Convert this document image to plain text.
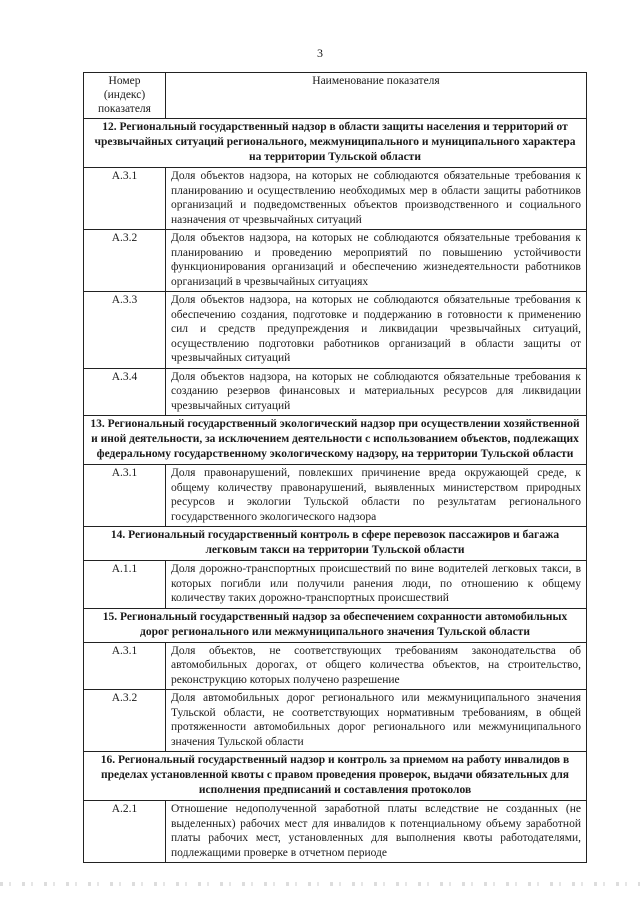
3
Номер (индекс) показателя	Наименование показателя
12. Региональный государственный надзор в области защиты населения и территорий от чрезвычайных ситуаций регионального, межмуниципального и муниципального характера на территории Тульской области	
А.3.1	Доля объектов надзора, на которых не соблюдаются обязательные требования к планированию и осуществлению необходимых мер в области защиты работников организаций и подведомственных объектов производственного и социального назначения от чрезвычайных ситуаций
А.3.2	Доля объектов надзора, на которых не соблюдаются обязательные требования к планированию и проведению мероприятий по повышению устойчивости функционирования организаций и обеспечению жизнедеятельности работников организаций в чрезвычайных ситуациях
А.3.3	Доля объектов надзора, на которых не соблюдаются обязательные требования к обеспечению создания, подготовке и поддержанию в готовности к применению сил и средств предупреждения и ликвидации чрезвычайных ситуаций, осуществлению подготовки работников организаций в области защиты от чрезвычайных ситуаций
А.3.4	Доля объектов надзора, на которых не соблюдаются обязательные требования к созданию резервов финансовых и материальных ресурсов для ликвидации чрезвычайных ситуаций
13. Региональный государственный экологический надзор при осуществлении хозяйственной и иной деятельности, за исключением деятельности с использованием объектов, подлежащих федеральному государственному экологическому надзору, на территории Тульской области	
А.3.1	Доля правонарушений, повлекших причинение вреда окружающей среде, к общему количеству правонарушений, выявленных министерством природных ресурсов и экологии Тульской области по результатам регионального государственного экологического надзора
14. Региональный государственный контроль в сфере перевозок пассажиров и багажа легковым такси на территории Тульской области	
А.1.1	Доля дорожно-транспортных происшествий по вине водителей легковых такси, в которых погибли или получили ранения люди, по отношению к общему количеству таких дорожно-транспортных происшествий
15. Региональный государственный надзор за обеспечением сохранности автомобильных дорог регионального или межмуниципального значения Тульской области	
А.3.1	Доля объектов, не соответствующих требованиям законодательства об автомобильных дорогах, от общего количества объектов, на строительство, реконструкцию которых получено разрешение
А.3.2	Доля автомобильных дорог регионального или межмуниципального значения Тульской области, не соответствующих нормативным требованиям, в общей протяженности автомобильных дорог регионального или межмуниципального значения Тульской области
16. Региональный государственный надзор и контроль за приемом на работу инвалидов в пределах установленной квоты с правом проведения проверок, выдачи обязательных для исполнения предписаний и составления протоколов	
А.2.1	Отношение недополученной заработной платы вследствие не созданных (не выделенных) рабочих мест для инвалидов к потенциальному объему заработной платы рабочих мест, установленных для выполнения квоты работодателями, подлежащими проверке в отчетном периоде
